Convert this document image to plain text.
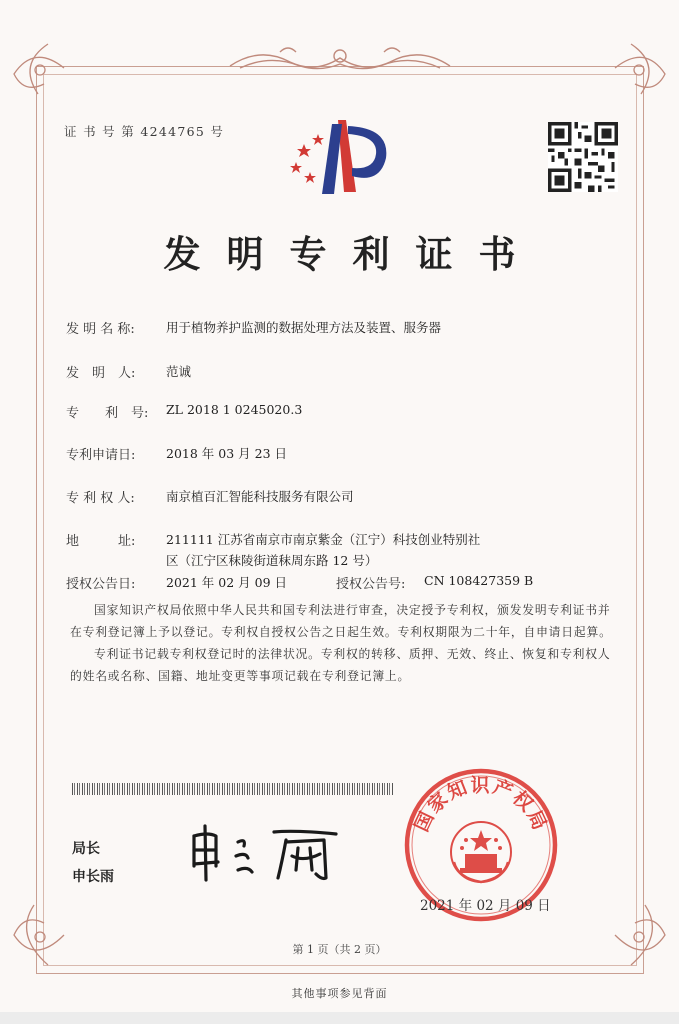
证 书 号 第 4244765 号
发明专利证书
发 明 名 称: 用于植物养护监测的数据处理方法及装置、服务器
发　明　人: 范诚
专　　利　号: ZL 2018 1 0245020.3
专利申请日: 2018 年 03 月 23 日
专 利 权 人: 南京植百汇智能科技服务有限公司
地　　　址: 211111 江苏省南京市南京紫金（江宁）科技创业特别社
区（江宁区秣陵街道秣周东路 12 号）
授权公告日: 2021 年 02 月 09 日	授权公告号: CN 108427359 B

国家知识产权局依照中华人民共和国专利法进行审查，决定授予专利权，颁发发明专利证书并在专利登记簿上予以登记。专利权自授权公告之日起生效。专利权期限为二十年，自申请日起算。

专利证书记载专利权登记时的法律状况。专利权的转移、质押、无效、终止、恢复和专利权人的姓名或名称、国籍、地址变更等事项记载在专利登记簿上。

局长
申长雨
国家知识产权局
2021 年 02 月 09 日
第 1 页（共 2 页）
其他事项参见背面
